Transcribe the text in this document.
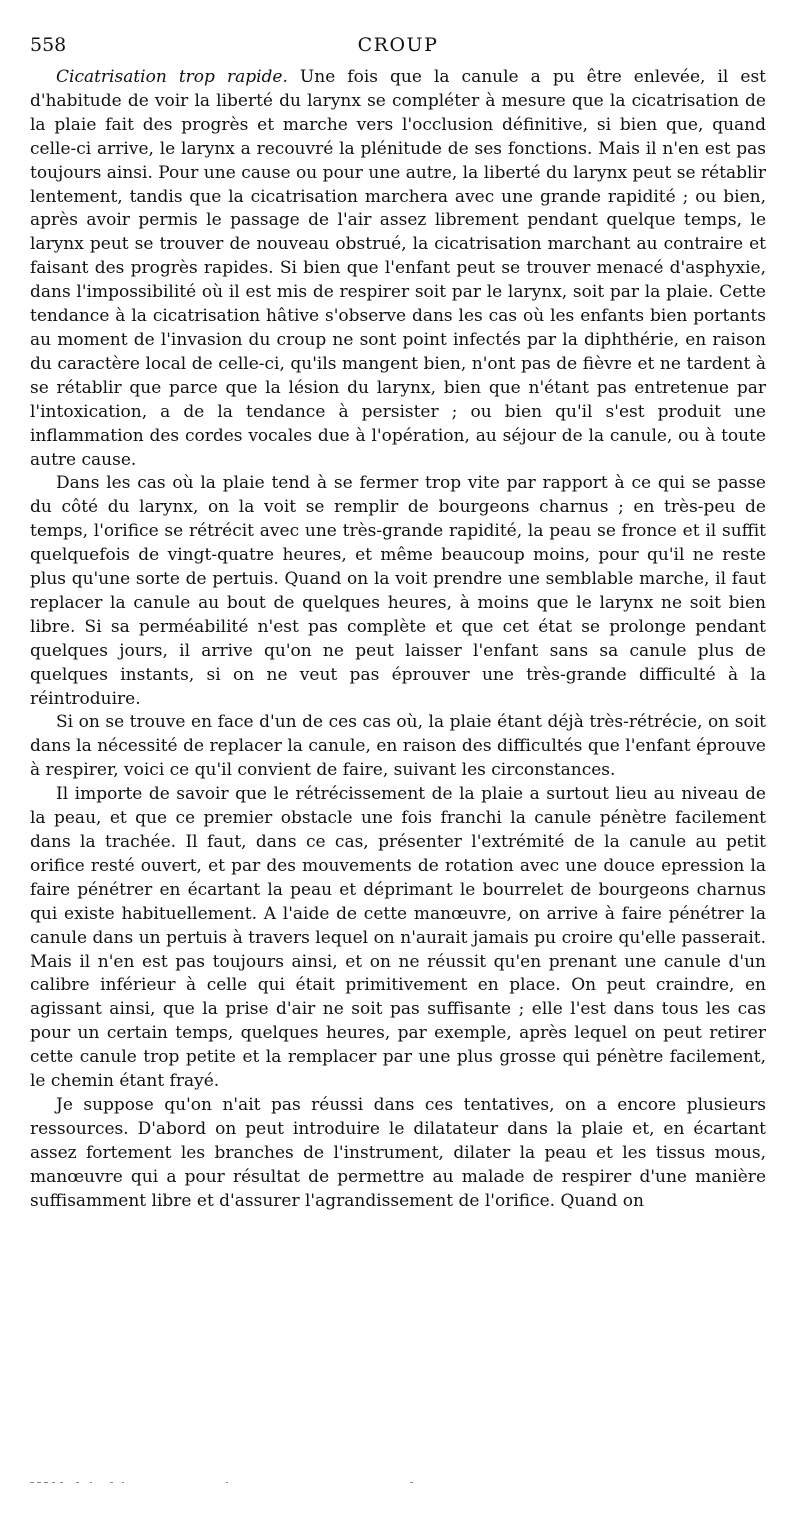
558	CROUP

Cicatrisation trop rapide. Une fois que la canule a pu être enlevée, il est d'habitude de voir la liberté du larynx se compléter à mesure que la cicatrisation de la plaie fait des progrès et marche vers l'occlusion définitive, si bien que, quand celle-ci arrive, le larynx a recouvré la plénitude de ses fonctions. Mais il n'en est pas toujours ainsi. Pour une cause ou pour une autre, la liberté du larynx peut se rétablir lentement, tandis que la cicatrisation marchera avec une grande rapidité ; ou bien, après avoir permis le passage de l'air assez librement pendant quelque temps, le larynx peut se trouver de nouveau obstrué, la cicatrisation marchant au contraire et faisant des progrès rapides. Si bien que l'enfant peut se trouver menacé d'asphyxie, dans l'impossibilité où il est mis de respirer soit par le larynx, soit par la plaie. Cette tendance à la cicatrisation hâtive s'observe dans les cas où les enfants bien portants au moment de l'invasion du croup ne sont point infectés par la diphthérie, en raison du caractère local de celle-ci, qu'ils mangent bien, n'ont pas de fièvre et ne tardent à se rétablir que parce que la lésion du larynx, bien que n'étant pas entretenue par l'intoxication, a de la tendance à persister ; ou bien qu'il s'est produit une inflammation des cordes vocales due à l'opération, au séjour de la canule, ou à toute autre cause.

Dans les cas où la plaie tend à se fermer trop vite par rapport à ce qui se passe du côté du larynx, on la voit se remplir de bourgeons charnus ; en très-peu de temps, l'orifice se rétrécit avec une très-grande rapidité, la peau se fronce et il suffit quelquefois de vingt-quatre heures, et même beaucoup moins, pour qu'il ne reste plus qu'une sorte de pertuis. Quand on la voit prendre une semblable marche, il faut replacer la canule au bout de quelques heures, à moins que le larynx ne soit bien libre. Si sa perméabilité n'est pas complète et que cet état se prolonge pendant quelques jours, il arrive qu'on ne peut laisser l'enfant sans sa canule plus de quelques instants, si on ne veut pas éprouver une très-grande difficulté à la réintroduire.

Si on se trouve en face d'un de ces cas où, la plaie étant déjà très-rétrécie, on soit dans la nécessité de replacer la canule, en raison des difficultés que l'enfant éprouve à respirer, voici ce qu'il convient de faire, suivant les circonstances.

Il importe de savoir que le rétrécissement de la plaie a surtout lieu au niveau de la peau, et que ce premier obstacle une fois franchi la canule pénètre facilement dans la trachée. Il faut, dans ce cas, présenter l'extrémité de la canule au petit orifice resté ouvert, et par des mouvements de rotation avec une douce epression la faire pénétrer en écartant la peau et déprimant le bourrelet de bourgeons charnus qui existe habituellement. A l'aide de cette manœuvre, on arrive à faire pénétrer la canule dans un pertuis à travers lequel on n'aurait jamais pu croire qu'elle passerait. Mais il n'en est pas toujours ainsi, et on ne réussit qu'en prenant une canule d'un calibre inférieur à celle qui était primitivement en place. On peut craindre, en agissant ainsi, que la prise d'air ne soit pas suffisante ; elle l'est dans tous les cas pour un certain temps, quelques heures, par exemple, après lequel on peut retirer cette canule trop petite et la remplacer par une plus grosse qui pénètre facilement, le chemin étant frayé.

Je suppose qu'on n'ait pas réussi dans ces tentatives, on a encore plusieurs ressources. D'abord on peut introduire le dilatateur dans la plaie et, en écartant assez fortement les branches de l'instrument, dilater la peau et les tissus mous, manœuvre qui a pour résultat de permettre au malade de respirer d'une manière suffisamment libre et d'assurer l'agrandissement de l'orifice. Quand on
